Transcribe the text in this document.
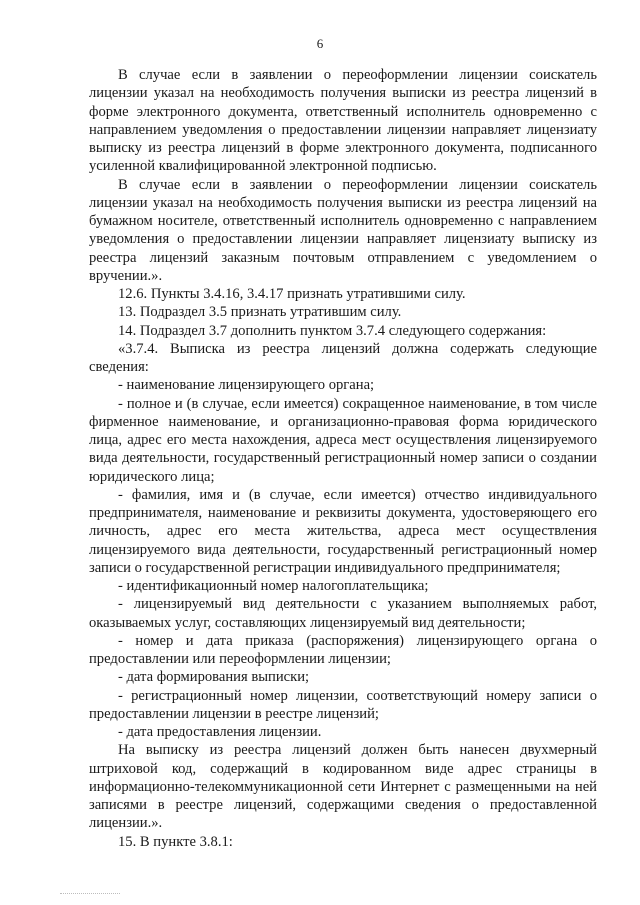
6

В случае если в заявлении о переоформлении лицензии соискатель лицензии указал на необходимость получения выписки из реестра лицензий в форме электронного документа, ответственный исполнитель одновременно с направлением уведомления о предоставлении лицензии направляет лицензиату выписку из реестра лицензий в форме электронного документа, подписанного усиленной квалифицированной электронной подписью.

В случае если в заявлении о переоформлении лицензии соискатель лицензии указал на необходимость получения выписки из реестра лицензий на бумажном носителе, ответственный исполнитель одновременно с направлением уведомления о предоставлении лицензии направляет лицензиату выписку из реестра лицензий заказным почтовым отправлением с уведомлением о вручении.».

12.6. Пункты 3.4.16, 3.4.17 признать утратившими силу.

13. Подраздел 3.5 признать утратившим силу.

14. Подраздел 3.7 дополнить пунктом 3.7.4 следующего содержания:

«3.7.4. Выписка из реестра лицензий должна содержать следующие сведения:

- наименование лицензирующего органа;

- полное и (в случае, если имеется) сокращенное наименование, в том числе фирменное наименование, и организационно-правовая форма юридического лица, адрес его места нахождения, адреса мест осуществления лицензируемого вида деятельности, государственный регистрационный номер записи о создании юридического лица;

- фамилия, имя и (в случае, если имеется) отчество индивидуального предпринимателя, наименование и реквизиты документа, удостоверяющего его личность, адрес его места жительства, адреса мест осуществления лицензируемого вида деятельности, государственный регистрационный номер записи о государственной регистрации индивидуального предпринимателя;

- идентификационный номер налогоплательщика;

- лицензируемый вид деятельности с указанием выполняемых работ, оказываемых услуг, составляющих лицензируемый вид деятельности;

- номер и дата приказа (распоряжения) лицензирующего органа о предоставлении или переоформлении лицензии;

- дата формирования выписки;

- регистрационный номер лицензии, соответствующий номеру записи о предоставлении лицензии в реестре лицензий;

- дата предоставления лицензии.

На выписку из реестра лицензий должен быть нанесен двухмерный штриховой код, содержащий в кодированном виде адрес страницы в информационно-телекоммуникационной сети Интернет с размещенными на ней записями в реестре лицензий, содержащими сведения о предоставленной лицензии.».

15. В пункте 3.8.1:
